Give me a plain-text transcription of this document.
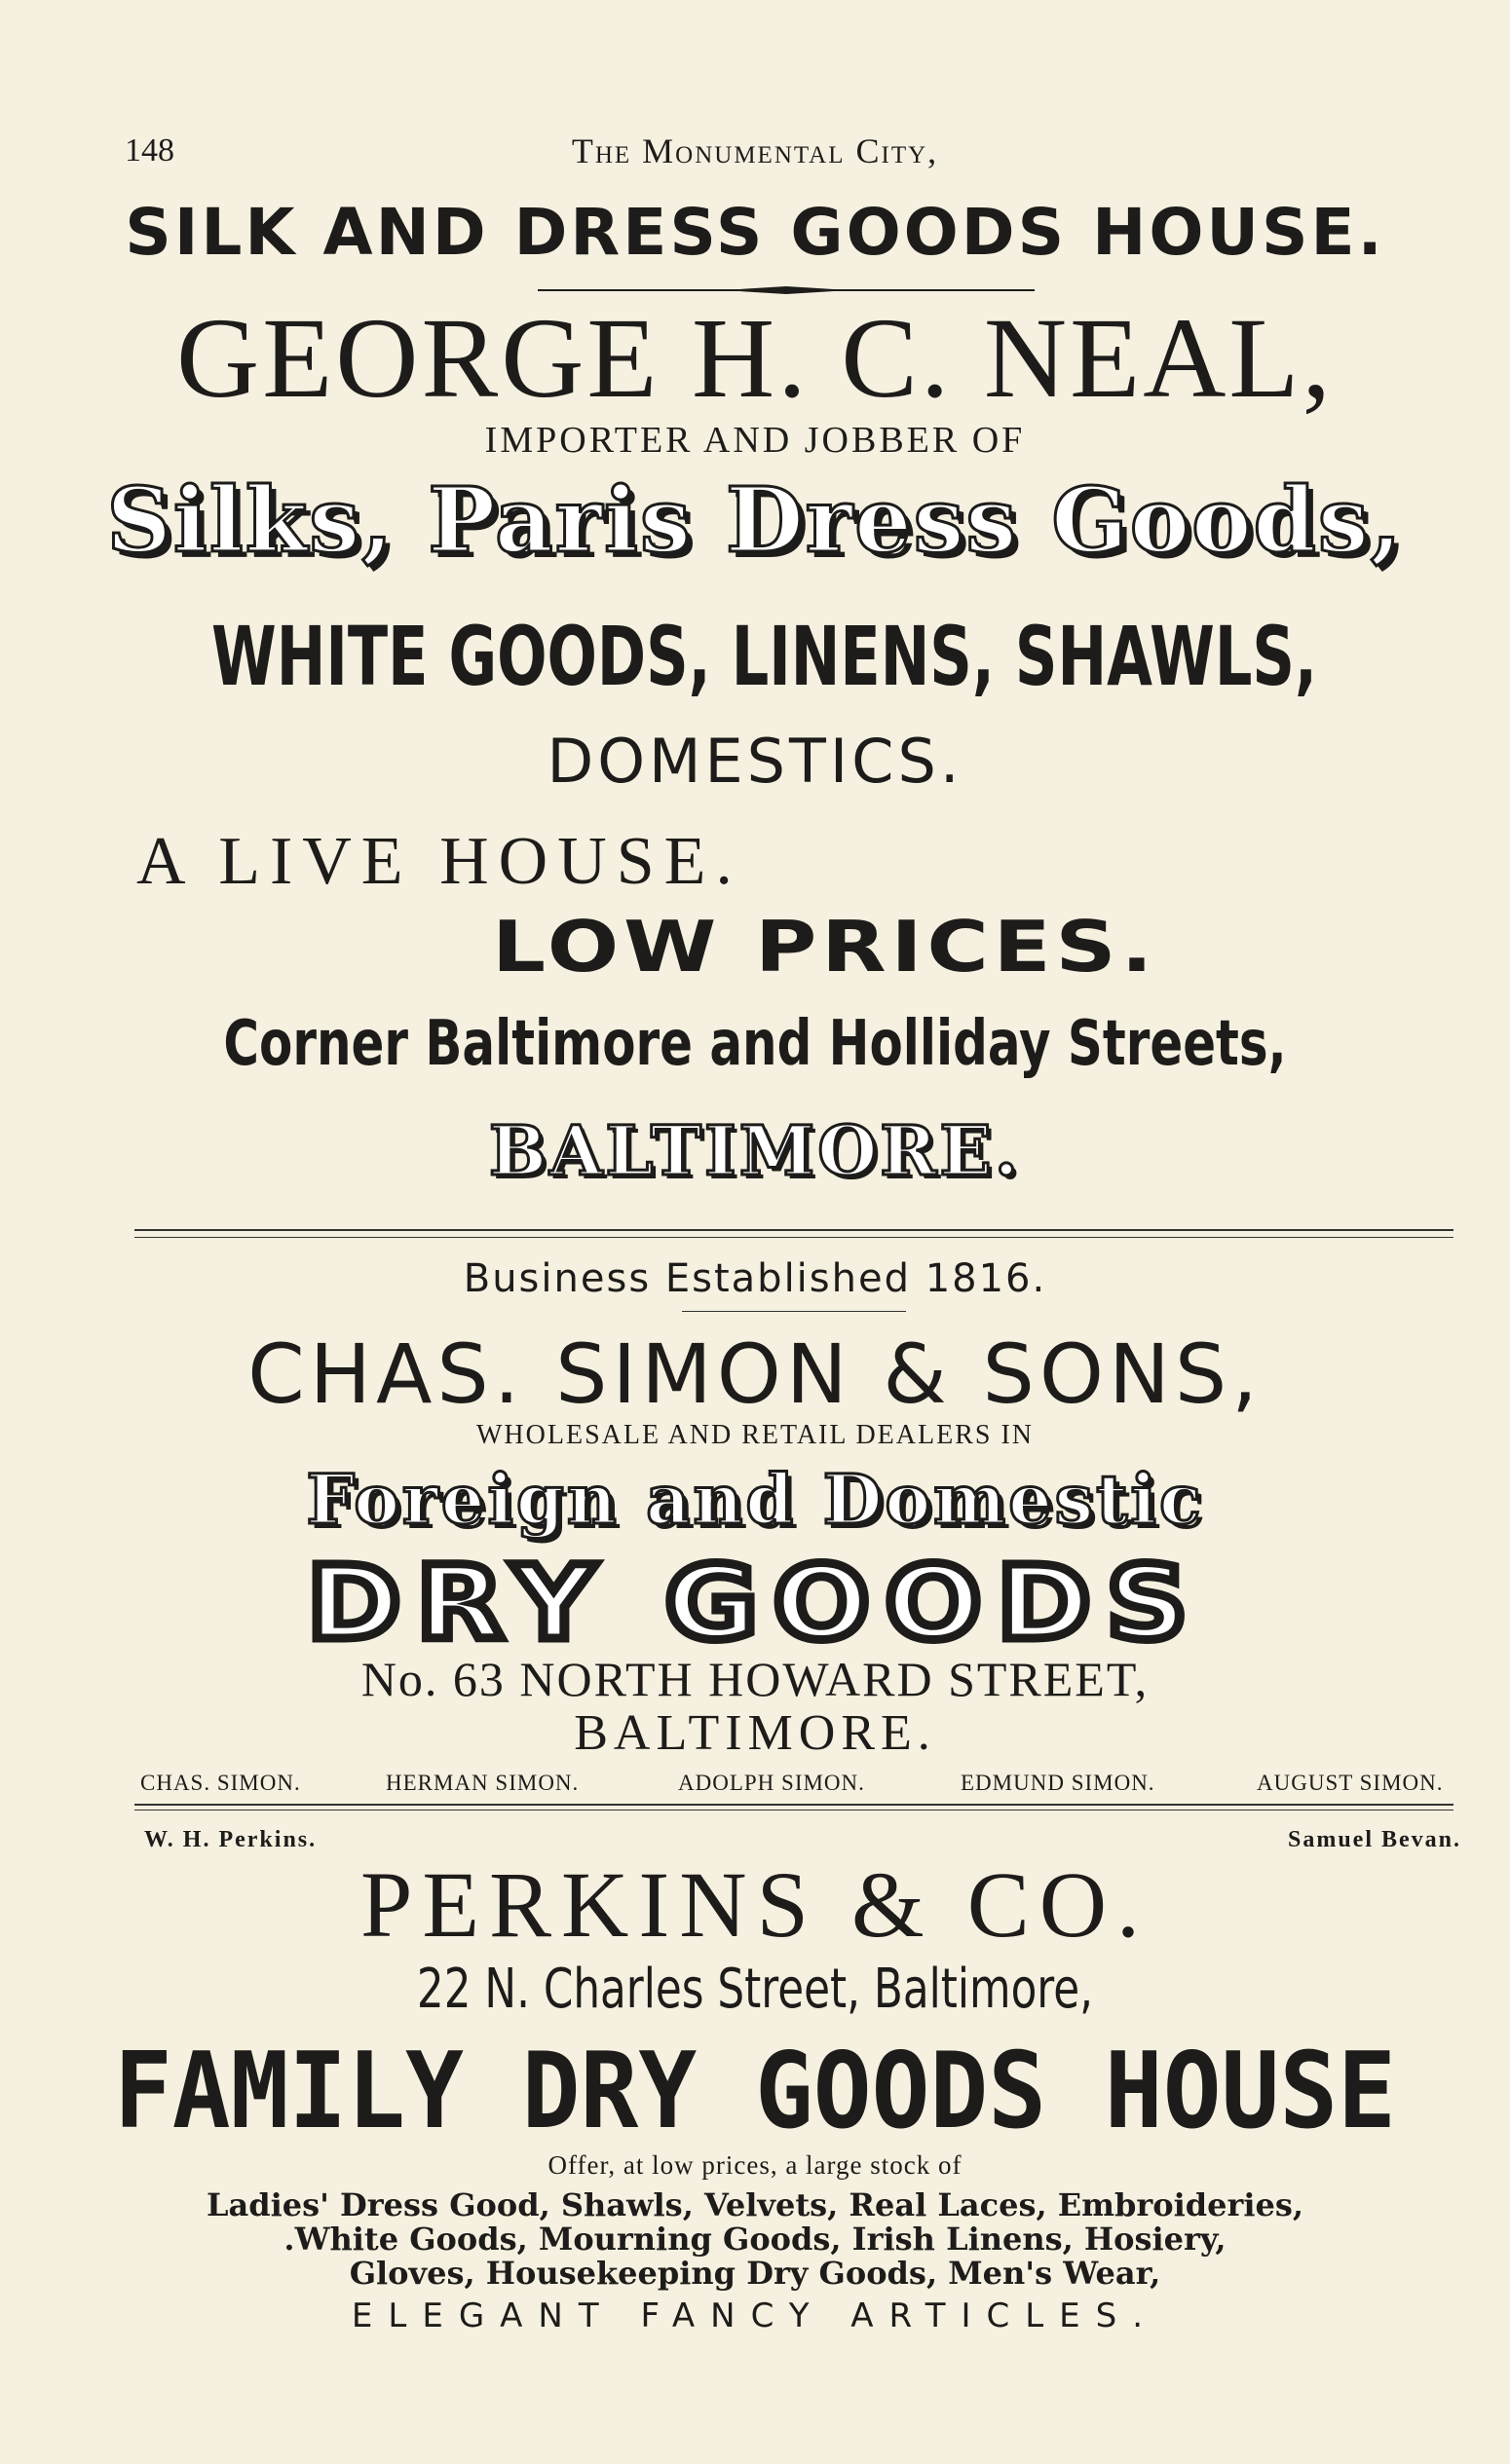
148	The Monumental City,
SILK AND DRESS GOODS HOUSE.
GEORGE H. C. NEAL,
IMPORTER AND JOBBER OF
Silks, Paris Dress Goods,
WHITE GOODS, LINENS, SHAWLS,
DOMESTICS.
A LIVE HOUSE.
LOW PRICES.
Corner Baltimore and Holliday Streets,
BALTIMORE.
Business Established 1816.
CHAS. SIMON & SONS,
WHOLESALE AND RETAIL DEALERS IN
Foreign and Domestic
DRY GOODS
No. 63 NORTH HOWARD STREET,
BALTIMORE.
CHAS. SIMON.	HERMAN SIMON.	ADOLPH SIMON.	EDMUND SIMON.	AUGUST SIMON.
W. H. Perkins.	Samuel Bevan.
PERKINS & CO.
22 N. Charles Street, Baltimore,
FAMILY DRY GOODS HOUSE
Offer, at low prices, a large stock of
Ladies' Dress Good, Shawls, Velvets, Real Laces, Embroideries,
.White Goods, Mourning Goods, Irish Linens, Hosiery,
Gloves, Housekeeping Dry Goods, Men's Wear,
ELEGANT FANCY ARTICLES.
